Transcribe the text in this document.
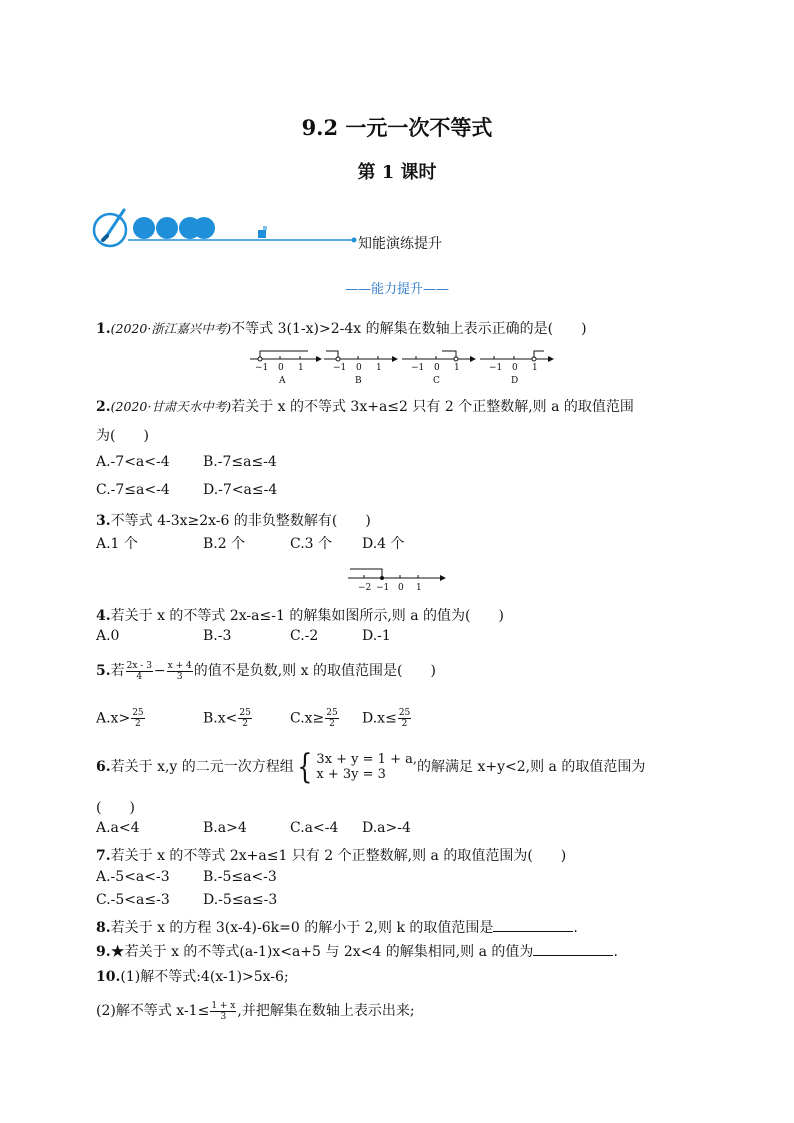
9.2 一元一次不等式
第 1 课时
知能演练提升
——能力提升——
1.(2020·浙江嘉兴中考)不等式 3(1-x)>2-4x 的解集在数轴上表示正确的是(　　)
−1 0 1
A
−1 0 1
B
−1 0 1
C
−1 0 1
D
2.(2020·甘肃天水中考)若关于 x 的不等式 3x+a≤2 只有 2 个正整数解,则 a 的取值范围
为(　　)
A.-7<a<-4 B.-7≤a≤-4
C.-7≤a<-4 D.-7<a≤-4
3.不等式 4-3x≥2x-6 的非负整数解有(　　)
A.1 个	B.2 个	C.3 个 D.4 个
−2 −1 0 1
4.若关于 x 的不等式 2x-a≤-1 的解集如图所示,则 a 的值为(　　)
A.0	B.-3	C.-2	D.-1
5.若 $\frac{2x - 3}{4} - \frac{x + 4}{3}$ 的值不是负数,则 x 的取值范围是(　　)
$A.x> \frac{25}{2}$	$B.x< \frac{25}{2}$	$C.x\ge \frac{25}{2} D.x\le \frac{25}{2}$
6.若关于 x,y 的二元一次方程组 { 3x + y = 1 + a,
x + 3y = 3	的解满足 x+y<2,则 a 的取值范围为
(　　)
A.a<4	B.a>4	C.a<-4 D.a>-4
7.若关于 x 的不等式 2x+a≤1 只有 2 个正整数解,则 a 的取值范围为(　　)
A.-5<a<-3 B.-5≤a<-3
C.-5<a≤-3 D.-5≤a≤-3
8.若关于 x 的方程 3(x-4)-6k=0 的解小于 2,则 k 的取值范围是	.
9.★若关于 x 的不等式(a-1)x<a+5 与 2x<4 的解集相同,则 a 的值为	.
10.(1)解不等式:4(x-1)>5x-6;
(2)解不等式 $x-1\le \frac{1 + x}{3}$ ,并把解集在数轴上表示出来;
